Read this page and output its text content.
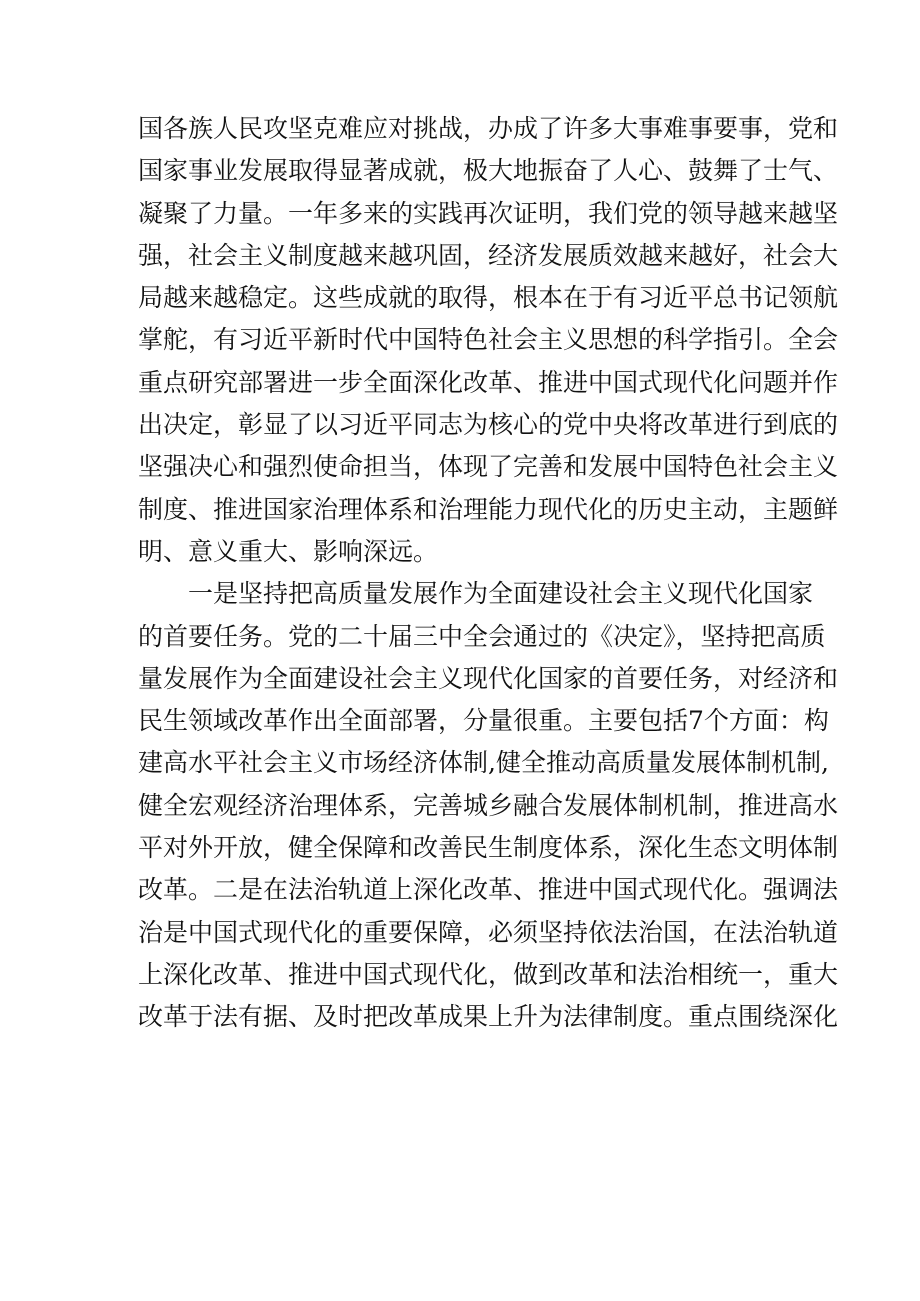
国各族人民攻坚克难应对挑战，办成了许多大事难事要事，党和
国家事业发展取得显著成就，极大地振奋了人心、鼓舞了士气、
凝聚了力量。一年多来的实践再次证明，我们党的领导越来越坚
强，社会主义制度越来越巩固，经济发展质效越来越好，社会大
局越来越稳定。这些成就的取得，根本在于有习近平总书记领航
掌舵，有习近平新时代中国特色社会主义思想的科学指引。全会
重点研究部署进一步全面深化改革、推进中国式现代化问题并作
出决定，彰显了以习近平同志为核心的党中央将改革进行到底的
坚强决心和强烈使命担当，体现了完善和发展中国特色社会主义
制度、推进国家治理体系和治理能力现代化的历史主动，主题鲜
明、意义重大、影响深远。
一是坚持把高质量发展作为全面建设社会主义现代化国家
的首要任务。党的二十届三中全会通过的《决定》，坚持把高质
量发展作为全面建设社会主义现代化国家的首要任务，对经济和
民生领域改革作出全面部署，分量很重。主要包括7个方面：构
建高水平社会主义市场经济体制,健全推动高质量发展体制机制,
健全宏观经济治理体系，完善城乡融合发展体制机制，推进高水
平对外开放，健全保障和改善民生制度体系，深化生态文明体制
改革。二是在法治轨道上深化改革、推进中国式现代化。强调法
治是中国式现代化的重要保障，必须坚持依法治国，在法治轨道
上深化改革、推进中国式现代化，做到改革和法治相统一，重大
改革于法有据、及时把改革成果上升为法律制度。重点围绕深化
